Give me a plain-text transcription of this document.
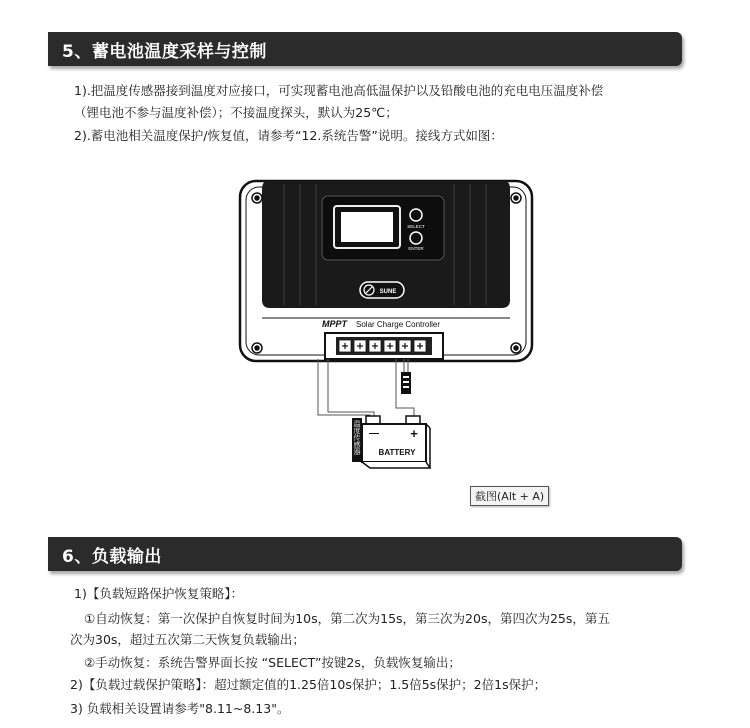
5、蓄电池温度采样与控制
1).把温度传感器接到温度对应接口，可实现蓄电池高低温保护以及铅酸电池的充电电压温度补偿
（锂电池不参与温度补偿）；不接温度探头，默认为25℃；
2).蓄电池相关温度保护/恢复值，请参考“12.系统告警”说明。接线方式如图：
SELECT
ENTER
SUNE
MPPT Solar Charge Controller
— +
BATTERY
温度传感器
截图(Alt + A)
6、负载输出
1)【负载短路保护恢复策略】：
①自动恢复：第一次保护自恢复时间为10s，第二次为15s，第三次为20s，第四次为25s，第五
次为30s，超过五次第二天恢复负载输出；
②手动恢复：系统告警界面长按 “SELECT”按键2s，负载恢复输出；
2)【负载过载保护策略】：超过额定值的1.25倍10s保护；1.5倍5s保护；2倍1s保护；
3) 负载相关设置请参考"8.11~8.13"。
